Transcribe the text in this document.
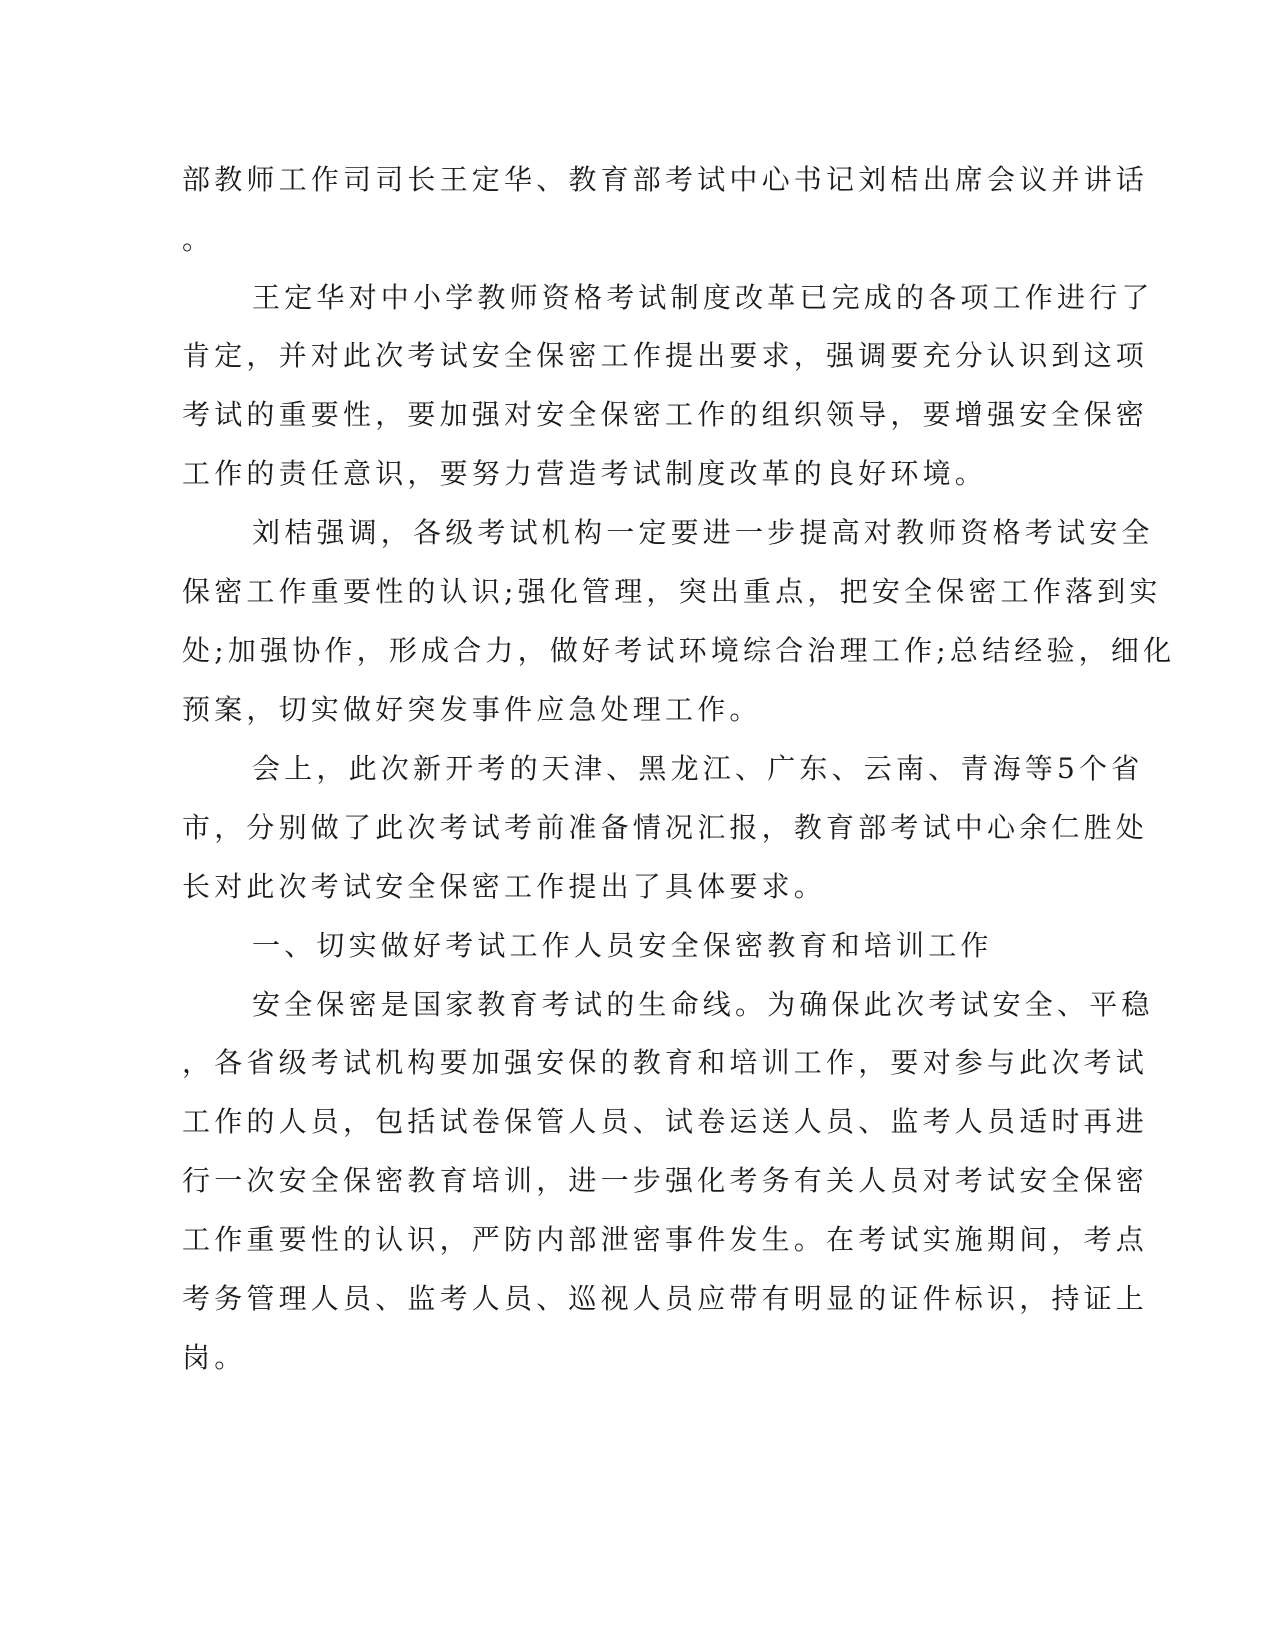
部教师工作司司长王定华、教育部考试中心书记刘桔出席会议并讲话
。
王定华对中小学教师资格考试制度改革已完成的各项工作进行了
肯定，并对此次考试安全保密工作提出要求，强调要充分认识到这项
考试的重要性，要加强对安全保密工作的组织领导，要增强安全保密
工作的责任意识，要努力营造考试制度改革的良好环境。
刘桔强调，各级考试机构一定要进一步提高对教师资格考试安全
保密工作重要性的认识;强化管理，突出重点，把安全保密工作落到实
处;加强协作，形成合力，做好考试环境综合治理工作;总结经验，细化
预案，切实做好突发事件应急处理工作。
会上，此次新开考的天津、黑龙江、广东、云南、青海等5个省
市，分别做了此次考试考前准备情况汇报，教育部考试中心余仁胜处
长对此次考试安全保密工作提出了具体要求。
一、切实做好考试工作人员安全保密教育和培训工作
安全保密是国家教育考试的生命线。为确保此次考试安全、平稳
，各省级考试机构要加强安保的教育和培训工作，要对参与此次考试
工作的人员，包括试卷保管人员、试卷运送人员、监考人员适时再进
行一次安全保密教育培训，进一步强化考务有关人员对考试安全保密
工作重要性的认识，严防内部泄密事件发生。在考试实施期间，考点
考务管理人员、监考人员、巡视人员应带有明显的证件标识，持证上
岗。
